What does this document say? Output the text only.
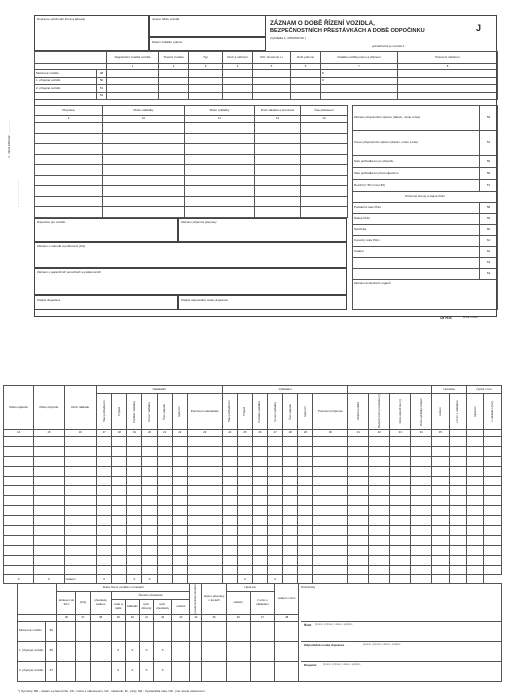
2 - 3ELN ARCHIV ... ... ... ... ...
... ... ... ... ... ... ... ... ...
Dopravce (obchodní firma a adresa)	Jméno řidiče vozidla
Datum začátku výkonu
ZÁZNAM O DOBĚ ŘÍZENÍ VOZIDLA,
BEZPEČNOSTNÍCH PŘESTÁVKÁCH A DOBĚ ODPOČINKU	J
(Vyhláška č. 478/2000 Sb.)
pokračování je na listě č.
		Registrační značka vozidla	Tovární značka	Typ	Druh a zařízení	Užit. hmotnost v t	Druh pohonu	Osádka vozidla jméno a příjmení	Pracovní zařazení
		1	2	3	4	5	6	7	8
Motorové vozidlo	48							8	
1. přípojné vozidlo	50							9	
2. přípojné vozidlo	51								
	52								
Přeprava	Místo nakládky	Místo vykládky	Druh nákladu a hmotnost	Čas přistavení
9	10	11	12	13

					Záznam přepravního výkonu (datum, místo a čas)	53
Konec přepravního výkonu (datum, místo a čas)	54
Stav počitadla km po příjezdu	55
Stav počitadla km před odjezdem	56
Rozdíl (č. 55 mínus 56)	57
Pohonné hmoty a stejné řídicí	
Počáteční stav PHm	58
Nákup PHm	59
Spotřeba	60
Konečný stav PHm	61
Ostatní	62
	63
	64
Záznam kontrolních orgánů	
Dispozice pro vozidlo	Záznam příjemce přepravy
Záznam o nehodě a poškození jízdy
Záznam o garančních poruchách a poškozeních
Podpis dispečera	Podpis odpovědné osoby dopravce
1/8 7046	M 4/2 1 2007
Místo odjezdu	Místo příjezdu	Druh nákladu	Nakládání							Vykládání											Upravka		Úplné v tun	

			Stav počitadla km	Příjezd	Počátek nakládky	Konec nakládky	Čas odjezdu	Ujetý km	Potvrzení odesílatele	Stav počitadla km	Příjezd	Počátek vykládky	Konec vykládky	Čas odjezdu	Ujetý km	Potvrzení příjemce	Užitečná zátěž	Bezpečnostní přestávka (h)	Doba odpočinku (h)	Doba vykládky celkem	celkem	z toho s nákladem	Ujetá km	s nákladem (tun)

14	15	16	17	18	19	20	21	22	23	24	25	26	27	28	29	30	31	32	33	34	35			

X	X	Celkem	X		X	X					X		X											
		Doba řízení vozidla v minutách								povolená doba sloužení	objem přepravy v tunách	Ujeté km		celkem v tkm	Poznámky
		skrácení do 10 h	jízdy	přestávky celkem	Členění přestávek							celkem	z toho s nákladem		
					malé a stálé	základní	tech. důvody	tech. přestávky	ostatní						
		36	37	38	39	40	41	42	43	44	45	46	47	48	
Motorové vozidlo	65														
1. přípojné vozidlo	66				X	X	X	X							
2. přípojné vozidlo	67				X	X	X	X							
Řidič (jméno, příjmení, datum, podpis)
Odpovědná osoba dopravce	(jméno, příjmení, datum, podpis)
Dispečer (jméno, příjmení, datum, podpis)
*) Symboly: BD - ostatní a pracovního, ZS - ručně s nakrucením, NA - návěsník, ID - jízdy, NR - hydraulická ruka, ND - jiné nosné ustanovení
